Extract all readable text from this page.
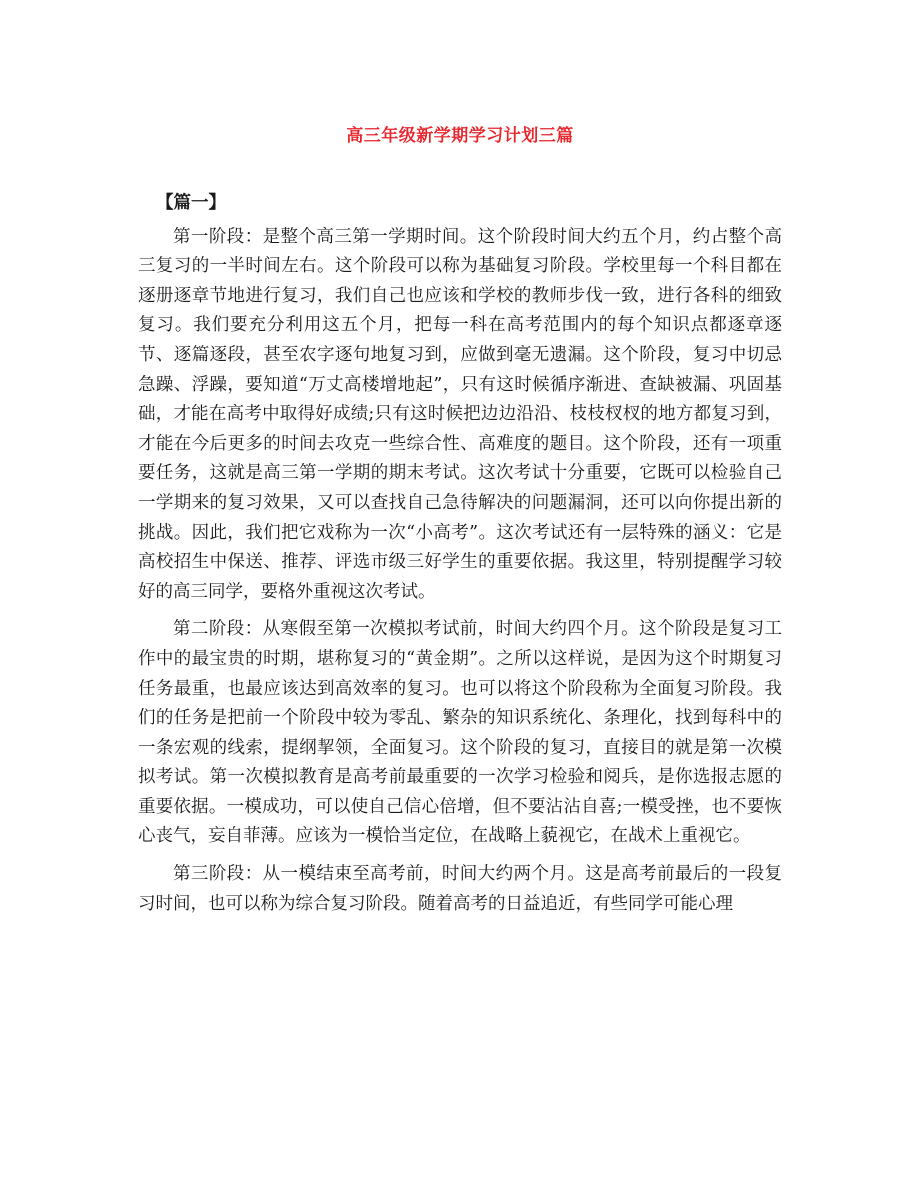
高三年级新学期学习计划三篇

【篇一】

第一阶段：是整个高三第一学期时间。这个阶段时间大约五个月，约占整个高三复习的一半时间左右。这个阶段可以称为基础复习阶段。学校里每一个科目都在逐册逐章节地进行复习，我们自己也应该和学校的教师步伐一致，进行各科的细致复习。我们要充分利用这五个月，把每一科在高考范围内的每个知识点都逐章逐节、逐篇逐段，甚至农字逐句地复习到，应做到毫无遗漏。这个阶段，复习中切忌急躁、浮躁，要知道“万丈高楼增地起”，只有这时候循序渐进、查缺被漏、巩固基础，才能在高考中取得好成绩;只有这时候把边边沿沿、枝枝杈杈的地方都复习到，才能在今后更多的时间去攻克一些综合性、高难度的题目。这个阶段，还有一项重要任务，这就是高三第一学期的期末考试。这次考试十分重要，它既可以检验自己一学期来的复习效果，又可以查找自己急待解决的问题漏洞，还可以向你提出新的挑战。因此，我们把它戏称为一次“小高考”。这次考试还有一层特殊的涵义：它是高校招生中保送、推荐、评选市级三好学生的重要依据。我这里，特别提醒学习较好的高三同学，要格外重视这次考试。

第二阶段：从寒假至第一次模拟考试前，时间大约四个月。这个阶段是复习工作中的最宝贵的时期，堪称复习的“黄金期”。之所以这样说，是因为这个时期复习任务最重，也最应该达到高效率的复习。也可以将这个阶段称为全面复习阶段。我们的任务是把前一个阶段中较为零乱、繁杂的知识系统化、条理化，找到每科中的一条宏观的线索，提纲挈领，全面复习。这个阶段的复习，直接目的就是第一次模拟考试。第一次模拟教育是高考前最重要的一次学习检验和阅兵，是你选报志愿的重要依据。一模成功，可以使自己信心倍增，但不要沾沾自喜;一模受挫，也不要恢心丧气，妄自菲薄。应该为一模恰当定位，在战略上藐视它，在战术上重视它。

第三阶段：从一模结束至高考前，时间大约两个月。这是高考前最后的一段复习时间，也可以称为综合复习阶段。随着高考的日益追近，有些同学可能心理
